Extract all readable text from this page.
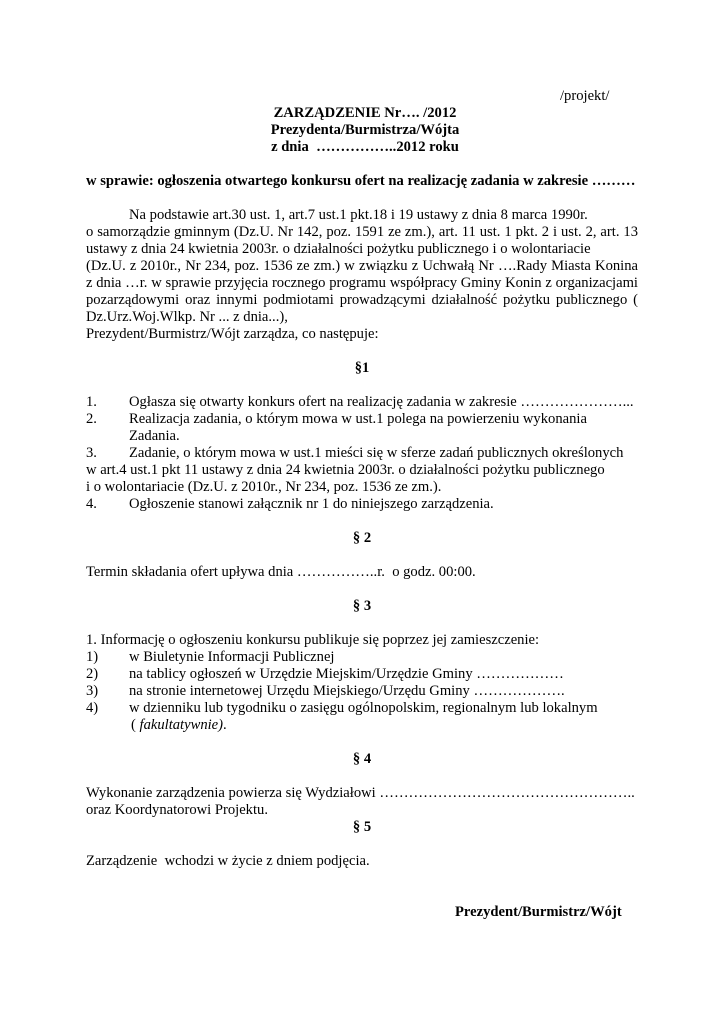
/projekt/
ZARZĄDZENIE Nr…. /2012
Prezydenta/Burmistrza/Wójta
z dnia  ……………..2012 roku
w sprawie: ogłoszenia otwartego konkursu ofert na realizację zadania w zakresie ………
Na podstawie art.30 ust. 1, art.7 ust.1 pkt.18 i 19 ustawy z dnia 8 marca 1990r.
o samorządzie gminnym (Dz.U. Nr 142, poz. 1591 ze zm.), art. 11 ust. 1 pkt. 2 i ust. 2, art. 13
ustawy z dnia 24 kwietnia 2003r. o działalności pożytku publicznego i o wolontariacie
(Dz.U. z 2010r., Nr 234, poz. 1536 ze zm.) w związku z Uchwałą Nr ….Rady Miasta Konina
z dnia …r. w sprawie przyjęcia rocznego programu współpracy Gminy Konin z organizacjami
pozarządowymi oraz innymi podmiotami prowadzącymi działalność pożytku publicznego (
Dz.Urz.Woj.Wlkp. Nr ... z dnia...),
Prezydent/Burmistrz/Wójt zarządza, co następuje:
§1
1. Ogłasza się otwarty konkurs ofert na realizację zadania w zakresie …………………...
2. Realizacja zadania, o którym mowa w ust.1 polega na powierzeniu wykonania
Zadania.
3. Zadanie, o którym mowa w ust.1 mieści się w sferze zadań publicznych określonych
w art.4 ust.1 pkt 11 ustawy z dnia 24 kwietnia 2003r. o działalności pożytku publicznego
i o wolontariacie (Dz.U. z 2010r., Nr 234, poz. 1536 ze zm.).
4. Ogłoszenie stanowi załącznik nr 1 do niniejszego zarządzenia.
§ 2
Termin składania ofert upływa dnia ……………..r.  o godz. 00:00.
§ 3
1. Informację o ogłoszeniu konkursu publikuje się poprzez jej zamieszczenie:
1) w Biuletynie Informacji Publicznej
2) na tablicy ogłoszeń w Urzędzie Miejskim/Urzędzie Gminy ………………
3) na stronie internetowej Urzędu Miejskiego/Urzędu Gminy ……………….
4) w dzienniku lub tygodniku o zasięgu ogólnopolskim, regionalnym lub lokalnym
( fakultatywnie).
§ 4
Wykonanie zarządzenia powierza się Wydziałowi ……………………………………………..
oraz Koordynatorowi Projektu.
§ 5
Zarządzenie  wchodzi w życie z dniem podjęcia.
Prezydent/Burmistrz/Wójt
